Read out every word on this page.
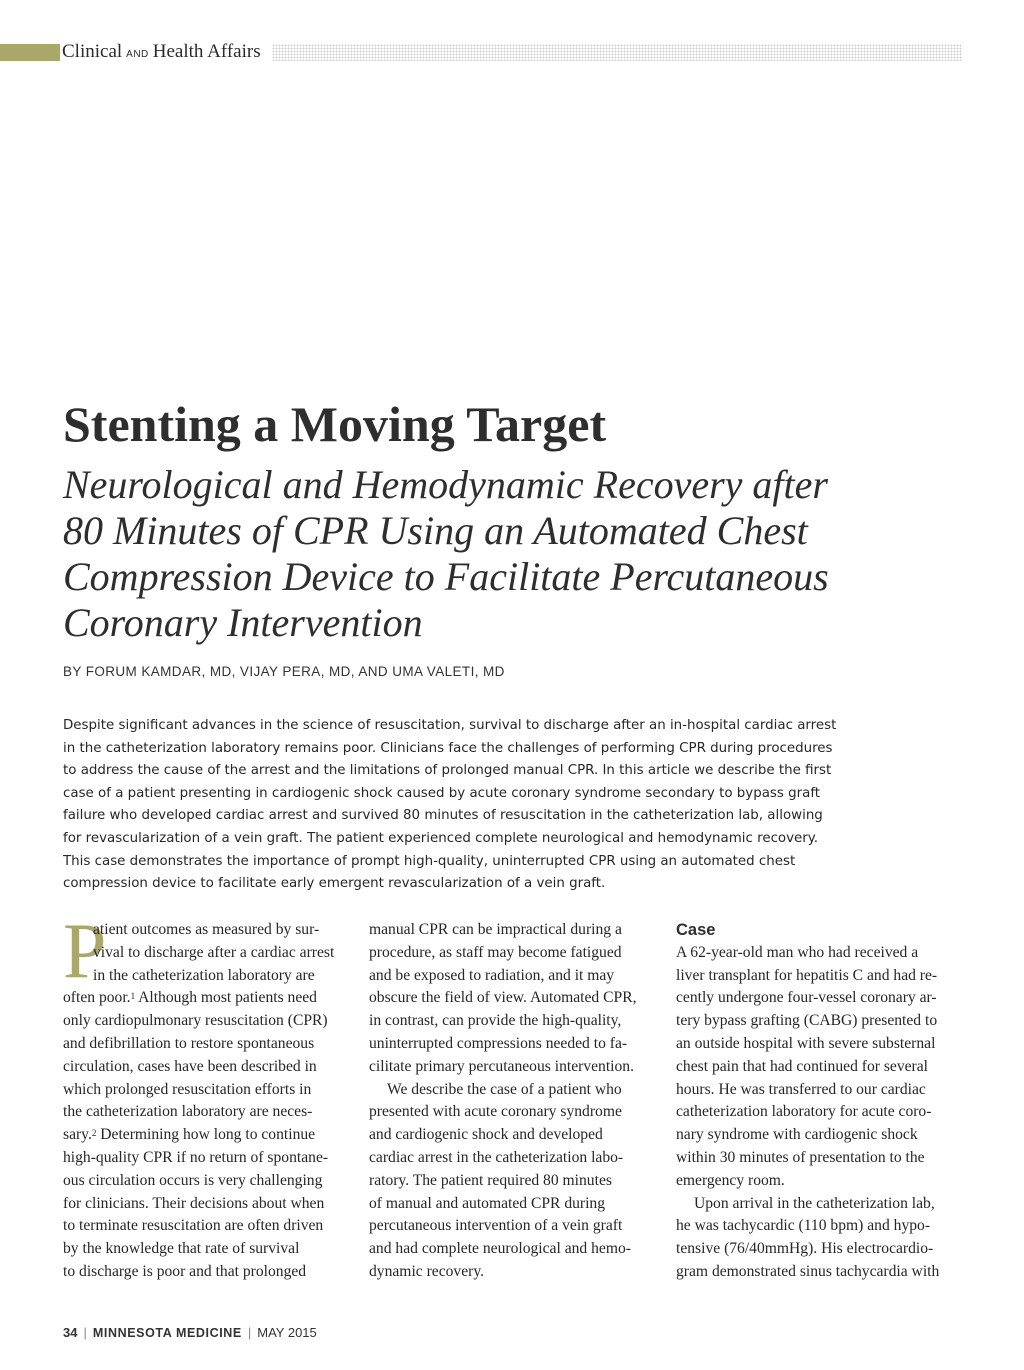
Clinical AND Health Affairs
Stenting a Moving Target
Neurological and Hemodynamic Recovery after
80 Minutes of CPR Using an Automated Chest
Compression Device to Facilitate Percutaneous
Coronary Intervention
BY FORUM KAMDAR, MD, VIJAY PERA, MD, AND UMA VALETI, MD
Despite significant advances in the science of resuscitation, survival to discharge after an in-hospital cardiac arrest
in the catheterization laboratory remains poor. Clinicians face the challenges of performing CPR during procedures
to address the cause of the arrest and the limitations of prolonged manual CPR. In this article we describe the first
case of a patient presenting in cardiogenic shock caused by acute coronary syndrome secondary to bypass graft
failure who developed cardiac arrest and survived 80 minutes of resuscitation in the catheterization lab, allowing
for revascularization of a vein graft. The patient experienced complete neurological and hemodynamic recovery.
This case demonstrates the importance of prompt high-quality, uninterrupted CPR using an automated chest
compression device to facilitate early emergent revascularization of a vein graft.
P
atient outcomes as measured by sur-
vival to discharge after a cardiac arrest
in the catheterization laboratory are
often poor.$^1$ Although most patients need
only cardiopulmonary resuscitation (CPR)
and defibrillation to restore spontaneous
circulation, cases have been described in
which prolonged resuscitation efforts in
the catheterization laboratory are neces-
sary.$^2$ Determining how long to continue
high-quality CPR if no return of spontane-
ous circulation occurs is very challenging
for clinicians. Their decisions about when
to terminate resuscitation are often driven
by the knowledge that rate of survival
to discharge is poor and that prolonged
manual CPR can be impractical during a
procedure, as staff may become fatigued
and be exposed to radiation, and it may
obscure the field of view. Automated CPR,
in contrast, can provide the high-quality,
uninterrupted compressions needed to fa-
cilitate primary percutaneous intervention.
We describe the case of a patient who
presented with acute coronary syndrome
and cardiogenic shock and developed
cardiac arrest in the catheterization labo-
ratory. The patient required 80 minutes
of manual and automated CPR during
percutaneous intervention of a vein graft
and had complete neurological and hemo-
dynamic recovery.
Case
A 62-year-old man who had received a
liver transplant for hepatitis C and had re-
cently undergone four-vessel coronary ar-
tery bypass grafting (CABG) presented to
an outside hospital with severe substernal
chest pain that had continued for several
hours. He was transferred to our cardiac
catheterization laboratory for acute coro-
nary syndrome with cardiogenic shock
within 30 minutes of presentation to the
emergency room.
Upon arrival in the catheterization lab,
he was tachycardic (110 bpm) and hypo-
tensive (76/40mmHg). His electrocardio-
gram demonstrated sinus tachycardia with
34 | MINNESOTA MEDICINE | MAY 2015
